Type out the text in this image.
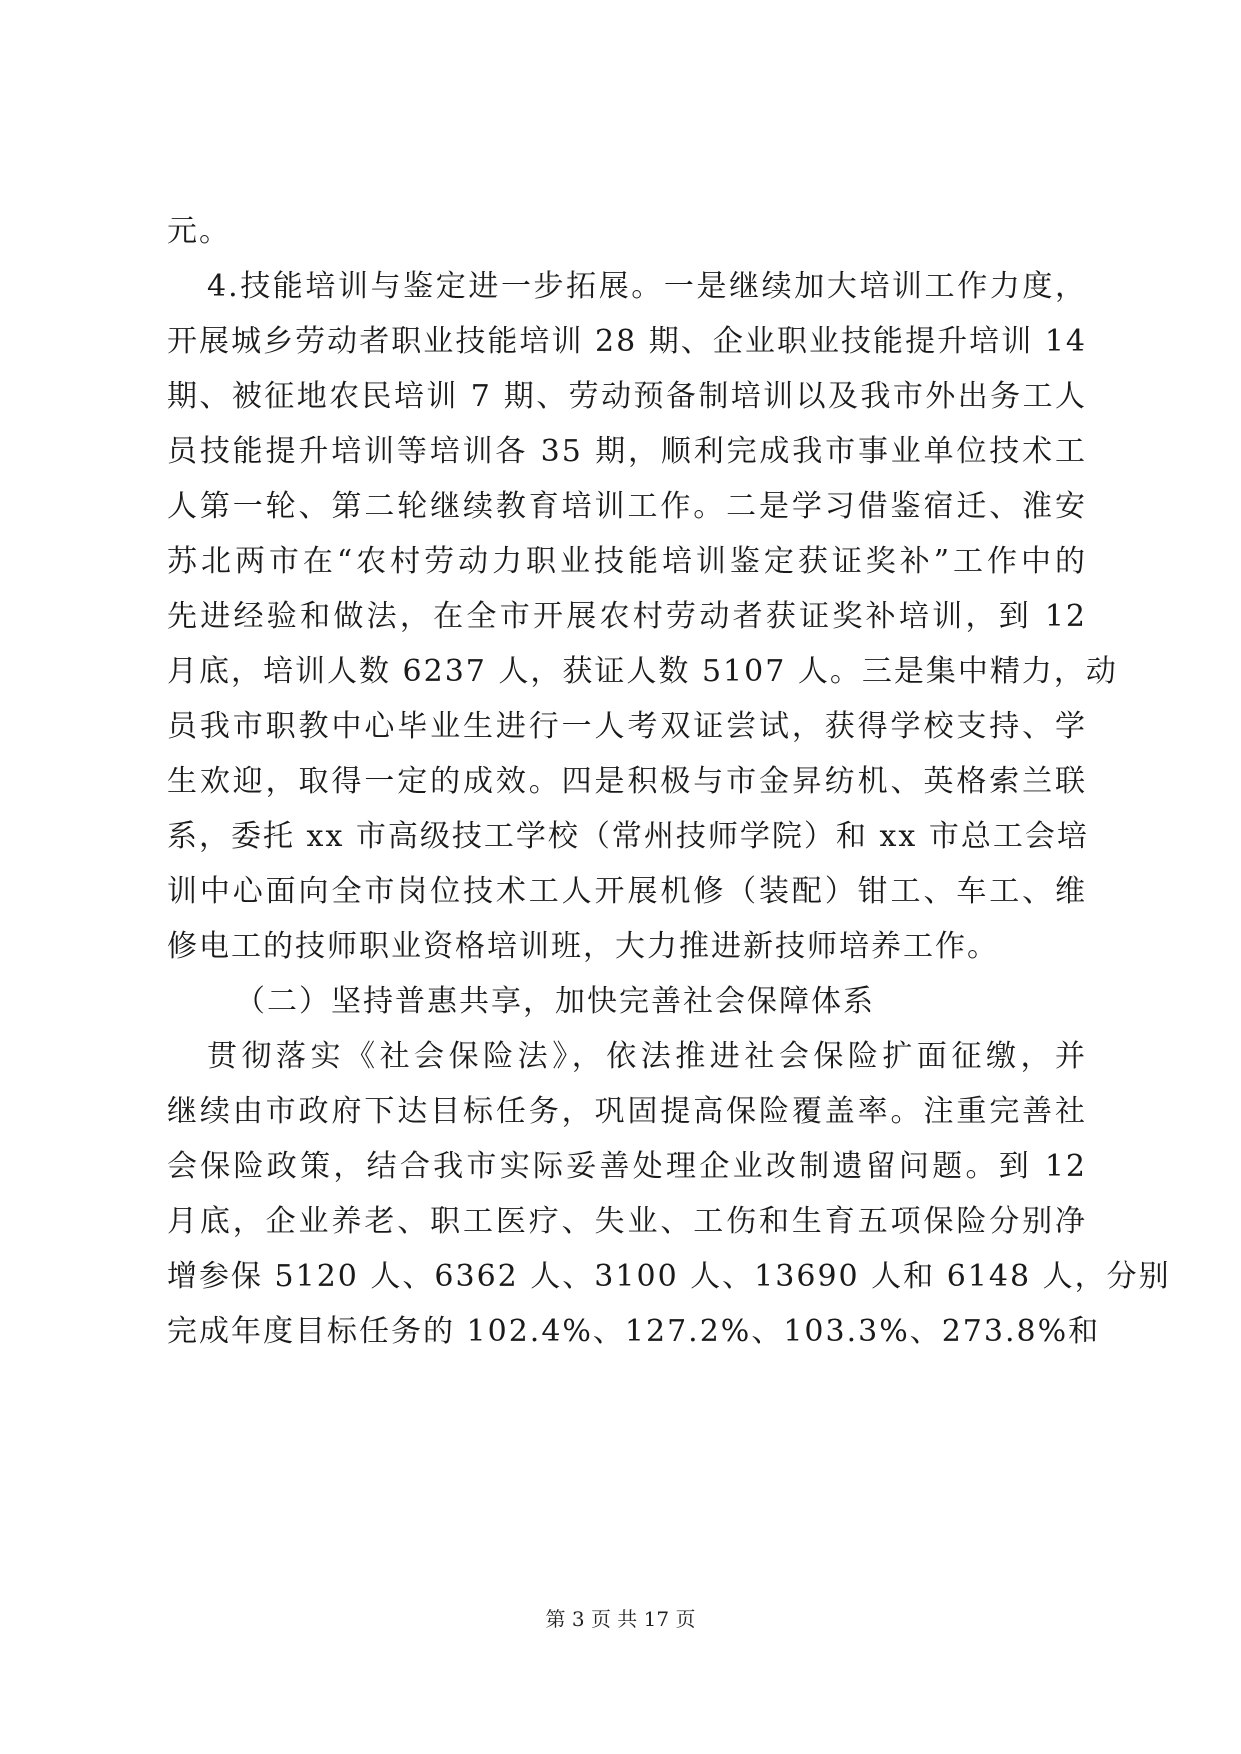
元。
4.技能培训与鉴定进一步拓展。一是继续加大培训工作力度，
开展城乡劳动者职业技能培训 28 期、企业职业技能提升培训 14
期、被征地农民培训 7 期、劳动预备制培训以及我市外出务工人
员技能提升培训等培训各 35 期，顺利完成我市事业单位技术工
人第一轮、第二轮继续教育培训工作。二是学习借鉴宿迁、淮安
苏北两市在“农村劳动力职业技能培训鉴定获证奖补”工作中的
先进经验和做法，在全市开展农村劳动者获证奖补培训，到 12
月底，培训人数 6237 人，获证人数 5107 人。三是集中精力，动
员我市职教中心毕业生进行一人考双证尝试，获得学校支持、学
生欢迎，取得一定的成效。四是积极与市金昇纺机、英格索兰联
系，委托 xx 市高级技工学校（常州技师学院）和 xx 市总工会培
训中心面向全市岗位技术工人开展机修（装配）钳工、车工、维
修电工的技师职业资格培训班，大力推进新技师培养工作。
（二）坚持普惠共享，加快完善社会保障体系
贯彻落实《社会保险法》，依法推进社会保险扩面征缴，并
继续由市政府下达目标任务，巩固提高保险覆盖率。注重完善社
会保险政策，结合我市实际妥善处理企业改制遗留问题。到 12
月底，企业养老、职工医疗、失业、工伤和生育五项保险分别净
增参保 5120 人、6362 人、3100 人、13690 人和 6148 人，分别
完成年度目标任务的 102.4%、127.2%、103.3%、273.8%和
第 3 页 共 17 页
